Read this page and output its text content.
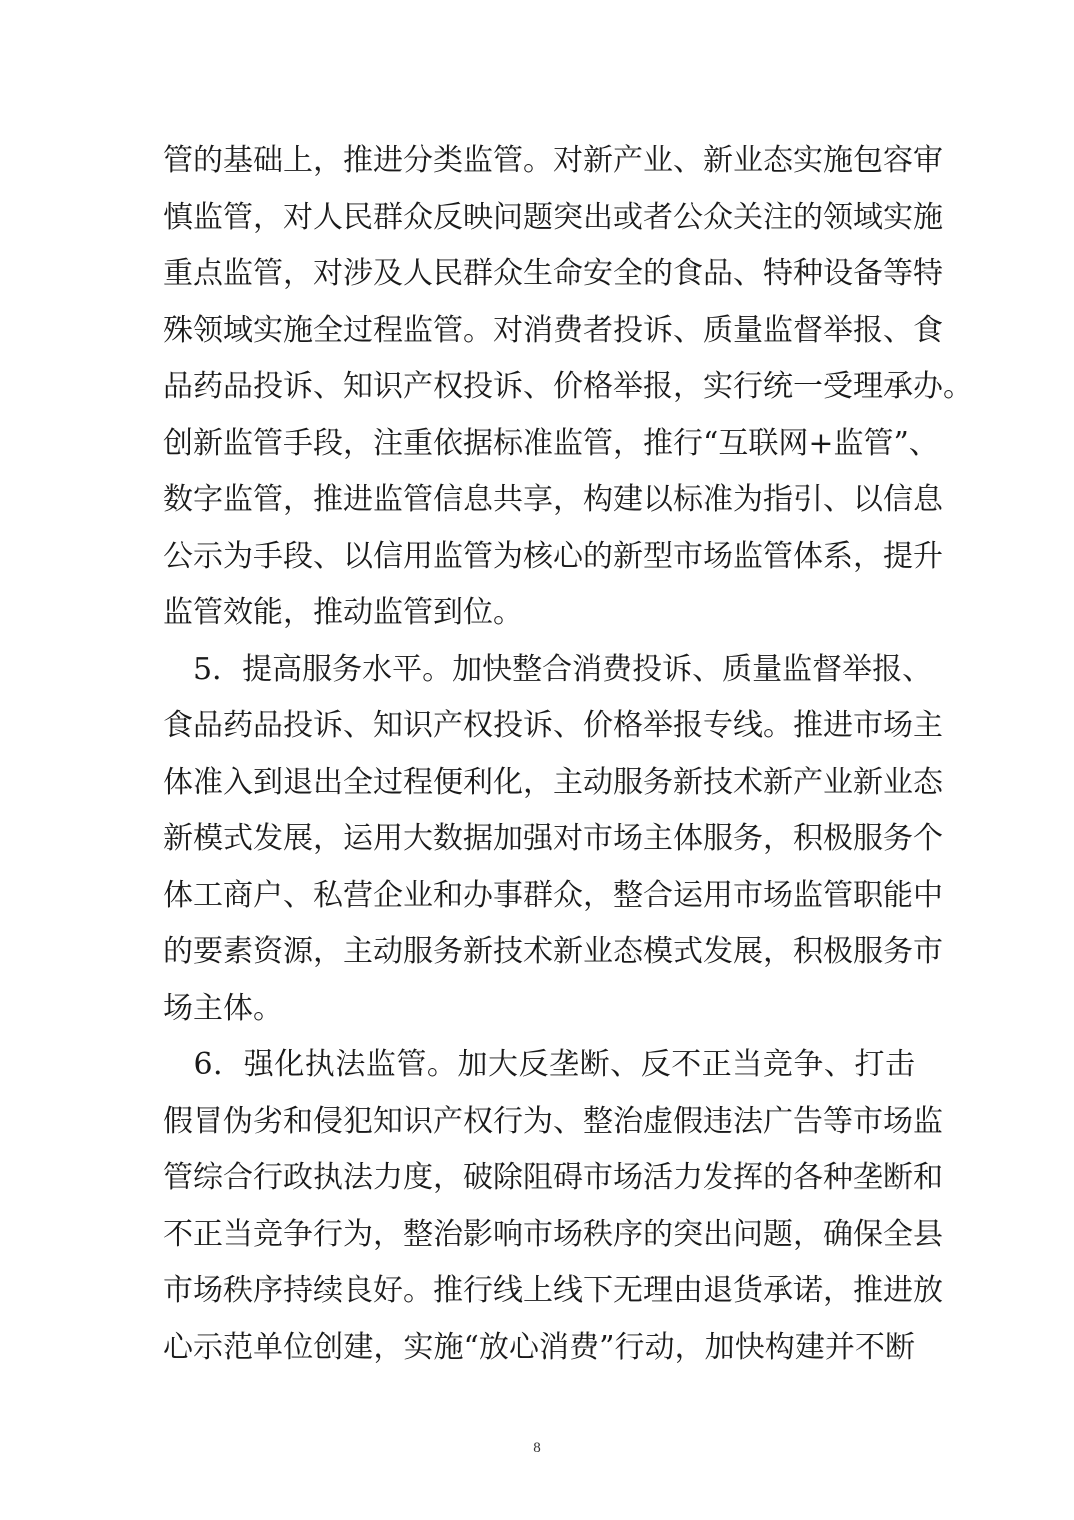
管的基础上，推进分类监管。对新产业、新业态实施包容审
慎监管，对人民群众反映问题突出或者公众关注的领域实施
重点监管，对涉及人民群众生命安全的食品、特种设备等特
殊领域实施全过程监管。对消费者投诉、质量监督举报、食
品药品投诉、知识产权投诉、价格举报，实行统一受理承办。
创新监管手段，注重依据标准监管，推行“互联网+监管”、
数字监管，推进监管信息共享，构建以标准为指引、以信息
公示为手段、以信用监管为核心的新型市场监管体系，提升
监管效能，推动监管到位。
　5．提高服务水平。加快整合消费投诉、质量监督举报、
食品药品投诉、知识产权投诉、价格举报专线。推进市场主
体准入到退出全过程便利化，主动服务新技术新产业新业态
新模式发展，运用大数据加强对市场主体服务，积极服务个
体工商户、私营企业和办事群众，整合运用市场监管职能中
的要素资源，主动服务新技术新业态模式发展，积极服务市
场主体。
　6．强化执法监管。加大反垄断、反不正当竞争、打击
假冒伪劣和侵犯知识产权行为、整治虚假违法广告等市场监
管综合行政执法力度，破除阻碍市场活力发挥的各种垄断和
不正当竞争行为，整治影响市场秩序的突出问题，确保全县
市场秩序持续良好。推行线上线下无理由退货承诺，推进放
心示范单位创建，实施“放心消费”行动，加快构建并不断
8
